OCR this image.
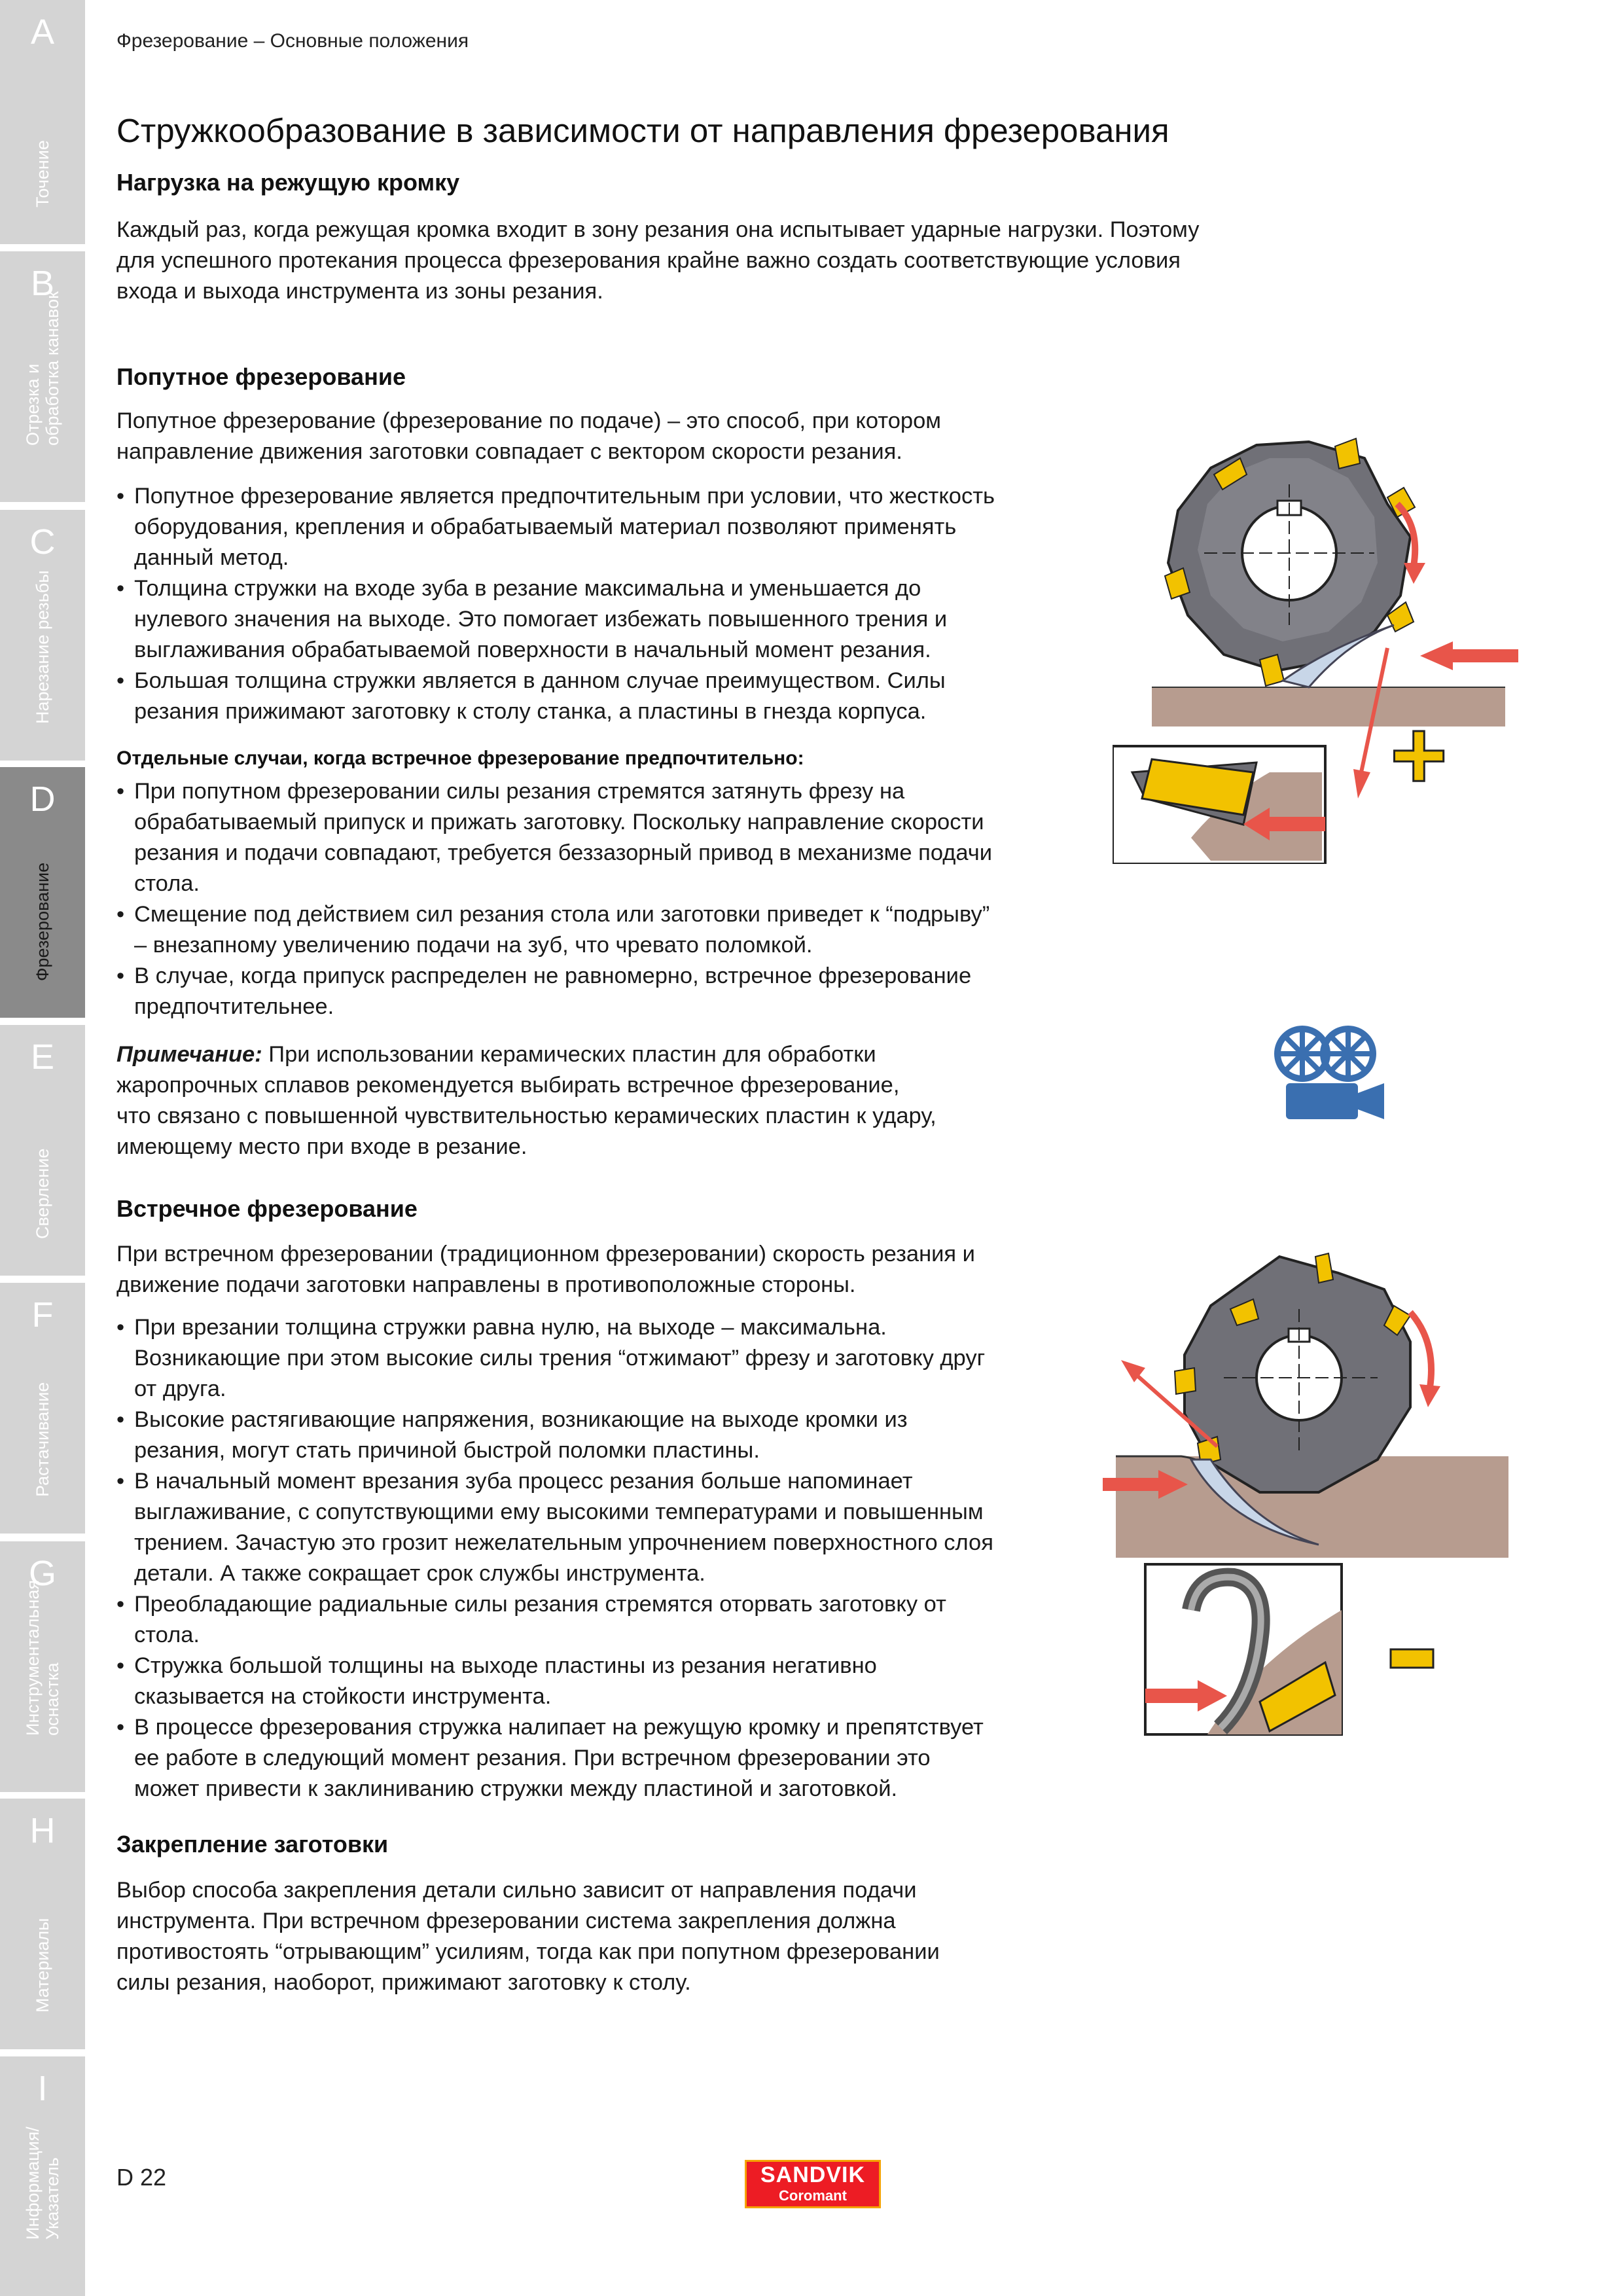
A
Точение
B
Отрезка и
обработка канавок
C
Нарезание резьбы
D
Фрезерование
E
Сверление
F
Растачивание
G
Инструментальная
оснастка
H
Материалы
I
Информация/
Указатель
Фрезерование – Основные положения
Стружкообразование в зависимости от направления фрезерования
Нагрузка на режущую кромку
Каждый раз, когда режущая кромка входит в зону резания она испытывает ударные нагрузки. Поэтому
для успешного протекания процесса фрезерования крайне важно создать соответствующие условия
входа и выхода инструмента из зоны резания.
Попутное фрезерование
Попутное фрезерование (фрезерование по подаче) – это способ, при котором
направление движения заготовки совпадает с вектором скорости резания.
• Попутное фрезерование является предпочтительным при условии, что жесткость
оборудования, крепления и обрабатываемый материал позволяют применять
данный метод.
• Толщина стружки на входе зуба в резание максимальна и уменьшается до
нулевого значения на выходе. Это помогает избежать повышенного трения и
выглаживания обрабатываемой поверхности в начальный момент резания.
• Большая толщина стружки является в данном случае преимуществом. Силы
резания прижимают заготовку к столу станка, а пластины в гнезда корпуса.
Отдельные случаи, когда встречное фрезерование предпочтительно:
• При попутном фрезеровании силы резания стремятся затянуть фрезу на
обрабатываемый припуск и прижать заготовку. Поскольку направление скорости
резания и подачи совпадают, требуется беззазорный привод в механизме подачи
стола.
• Смещение под действием сил резания стола или заготовки приведет к “подрыву”
– внезапному увеличению подачи на зуб, что чревато поломкой.
• В случае, когда припуск распределен не равномерно, встречное фрезерование
предпочтительнее.
Примечание: При использовании керамических пластин для обработки
жаропрочных сплавов рекомендуется выбирать встречное фрезерование,
что связано с повышенной чувствительностью керамических пластин к удару,
имеющему место при входе в резание.
Встречное фрезерование
При встречном фрезеровании (традиционном фрезеровании) скорость резания и
движение подачи заготовки направлены в противоположные стороны.
• При врезании толщина стружки равна нулю, на выходе – максимальна.
Возникающие при этом высокие силы трения “отжимают” фрезу и заготовку друг
от друга.
• Высокие растягивающие напряжения, возникающие на выходе кромки из
резания, могут стать причиной быстрой поломки пластины.
• В начальный момент врезания зуба процесс резания больше напоминает
выглаживание, с сопутствующими ему высокими температурами и повышенным
трением. Зачастую это грозит нежелательным упрочнением поверхностного слоя
детали. А также сокращает срок службы инструмента.
• Преобладающие радиальные силы резания стремятся оторвать заготовку от
стола.
• Стружка большой толщины на выходе пластины из резания негативно
сказывается на стойкости инструмента.
• В процессе фрезерования стружка налипает на режущую кромку и препятствует
ее работе в следующий момент резания. При встречном фрезеровании это
может привести к заклиниванию стружки между пластиной и заготовкой.
Закрепление заготовки
Выбор способа закрепления детали сильно зависит от направления подачи
инструмента. При встречном фрезеровании система закрепления должна
противостоять “отрывающим” усилиям, тогда как при попутном фрезеровании
силы резания, наоборот, прижимают заготовку к столу.
+
D 22	SANDVIK
Coromant
